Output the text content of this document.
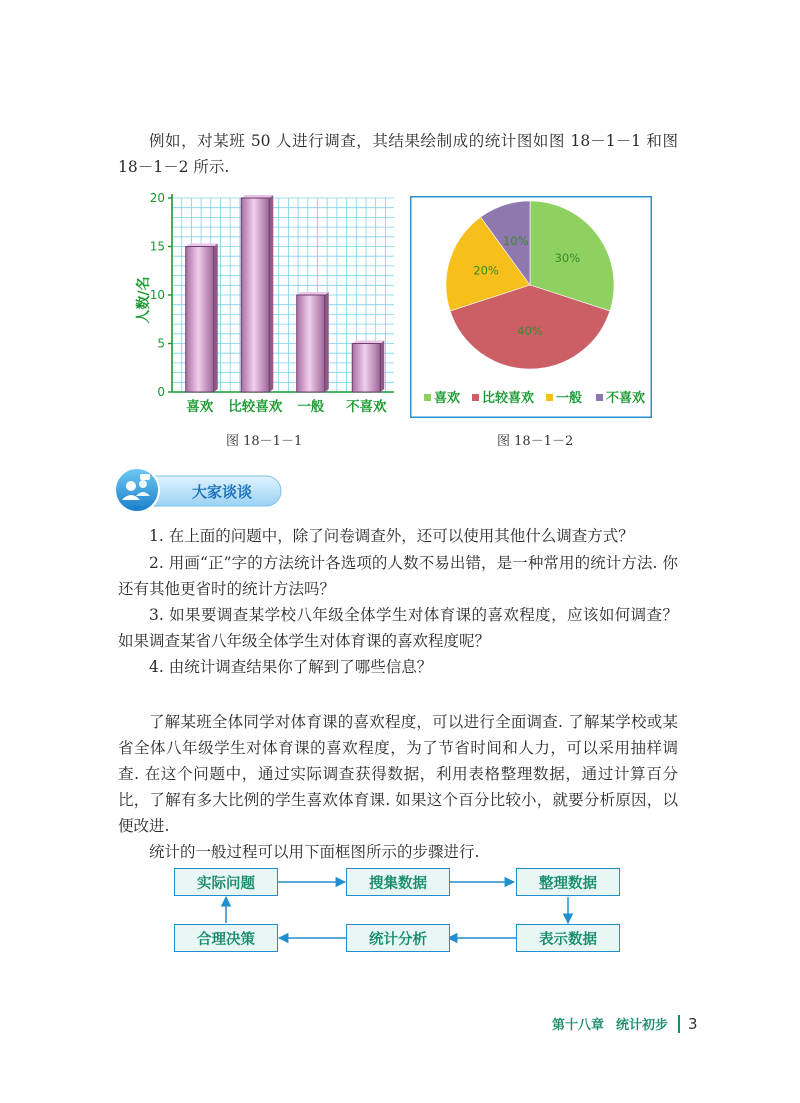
例如，对某班 50 人进行调查，其结果绘制成的统计图如图 18－1－1 和图 18－1－2 所示.

0
5
10
15
20
喜欢 比较喜欢 一般 不喜欢
人数/名
图 18－1－1
30%
40%
20%
10%
喜欢 比较喜欢 一般 不喜欢
图 18－1－2
大家谈谈

1. 在上面的问题中，除了问卷调查外，还可以使用其他什么调查方式？

2. 用画“正”字的方法统计各选项的人数不易出错，是一种常用的统计方法. 你还有其他更省时的统计方法吗？

3. 如果要调查某学校八年级全体学生对体育课的喜欢程度，应该如何调查？如果调查某省八年级全体学生对体育课的喜欢程度呢？

4. 由统计调查结果你了解到了哪些信息？

了解某班全体同学对体育课的喜欢程度，可以进行全面调查. 了解某学校或某省全体八年级学生对体育课的喜欢程度，为了节省时间和人力，可以采用抽样调查. 在这个问题中，通过实际调查获得数据，利用表格整理数据，通过计算百分比，了解有多大比例的学生喜欢体育课. 如果这个百分比较小，就要分析原因，以便改进.

统计的一般过程可以用下面框图所示的步骤进行.

实际问题	搜集数据	整理数据
表示数据
统计分析
合理决策
第十八章 统计初步 3
